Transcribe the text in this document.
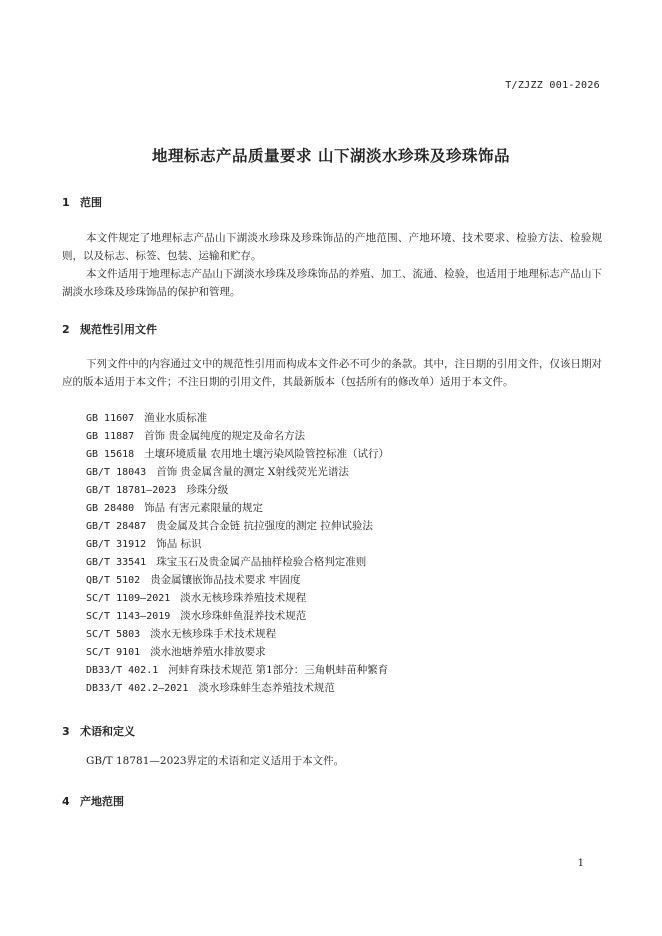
T/ZJZZ 001-2026
地理标志产品质量要求 山下湖淡水珍珠及珍珠饰品
1 范围
本文件规定了地理标志产品山下湖淡水珍珠及珍珠饰品的产地范围、产地环境、技术要求、检验方法、检验规则，以及标志、标签、包装、运输和贮存。
本文件适用于地理标志产品山下湖淡水珍珠及珍珠饰品的养殖、加工、流通、检验，也适用于地理标志产品山下湖淡水珍珠及珍珠饰品的保护和管理。
2 规范性引用文件
下列文件中的内容通过文中的规范性引用而构成本文件必不可少的条款。其中，注日期的引用文件，仅该日期对应的版本适用于本文件；不注日期的引用文件，其最新版本（包括所有的修改单）适用于本文件。
GB 11607 渔业水质标准
GB 11887 首饰 贵金属纯度的规定及命名方法
GB 15618 土壤环境质量 农用地土壤污染风险管控标准（试行）
GB/T 18043 首饰 贵金属含量的测定 X射线荧光光谱法
GB/T 18781—2023 珍珠分级
GB 28480 饰品 有害元素限量的规定
GB/T 28487 贵金属及其合金链 抗拉强度的测定 拉伸试验法
GB/T 31912 饰品 标识
GB/T 33541 珠宝玉石及贵金属产品抽样检验合格判定准则
QB/T 5102 贵金属镶嵌饰品技术要求 牢固度
SC/T 1109—2021 淡水无核珍珠养殖技术规程
SC/T 1143—2019 淡水珍珠蚌鱼混养技术规范
SC/T 5803 淡水无核珍珠手术技术规程
SC/T 9101 淡水池塘养殖水排放要求
DB33/T 402.1 河蚌育珠技术规范 第1部分：三角帆蚌苗种繁育
DB33/T 402.2—2021 淡水珍珠蚌生态养殖技术规范
3 术语和定义
GB/T 18781—2023界定的术语和定义适用于本文件。
4 产地范围
1
